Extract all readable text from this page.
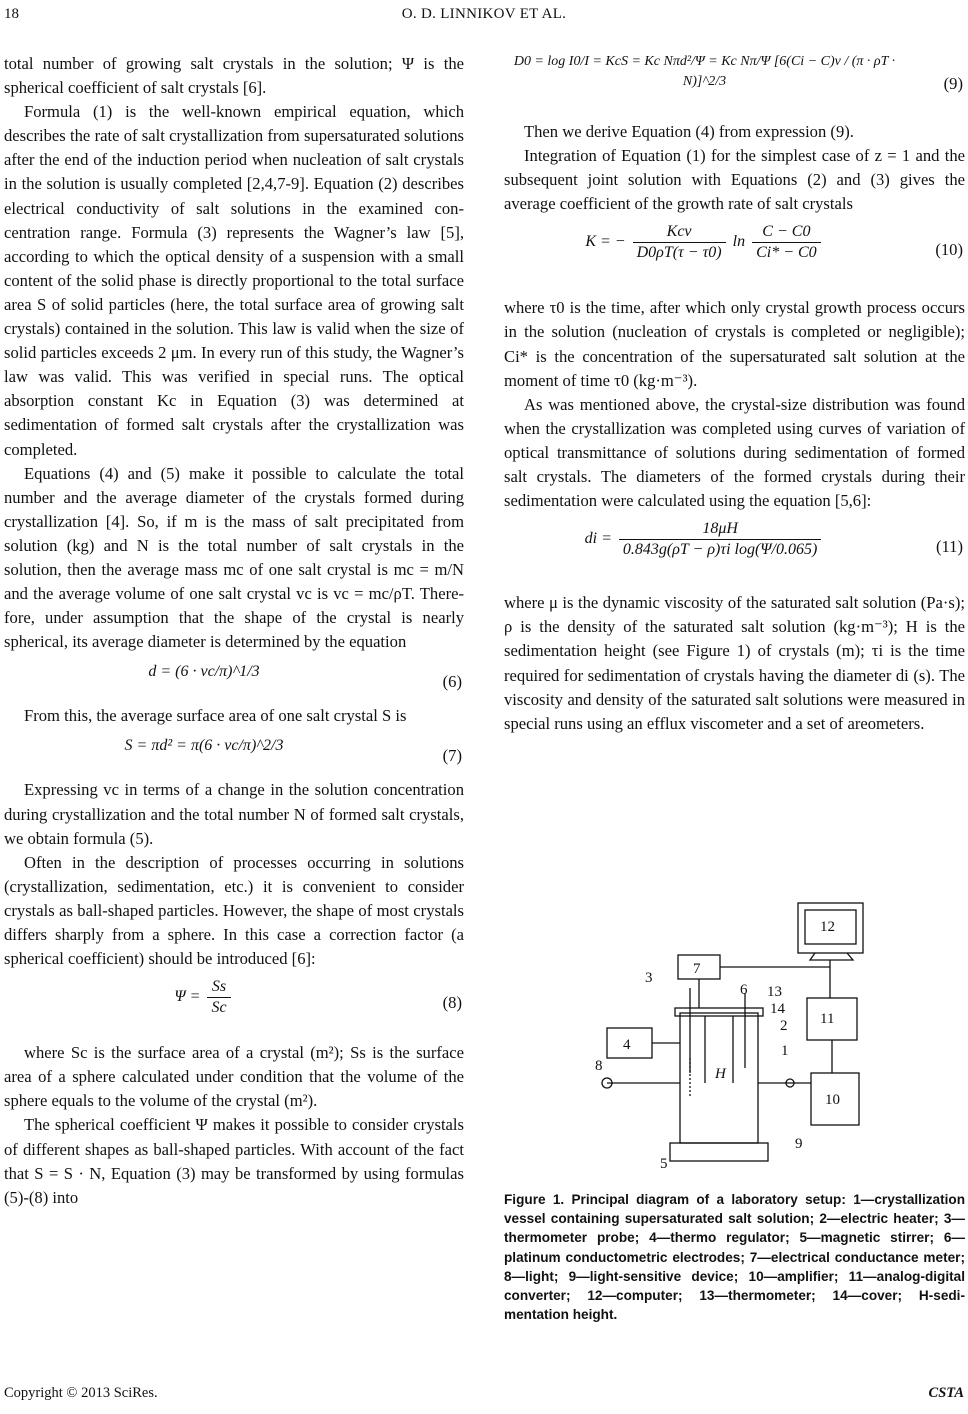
18	O. D. LINNIKOV ET AL.

total number of growing salt crystals in the solution; Ψ is the spherical coefficient of salt crystals [6].

Formula (1) is the well-known empirical equation, which describes the rate of salt crystallization from supersaturated solutions after the end of the induction period when nucleation of salt crystals in the solution is usually completed [2,4,7-9]. Equation (2) describes electrical conductivity of salt solutions in the examined concentration range. Formula (3) represents the Wagner’s law [5], according to which the optical density of a suspension with a small content of the solid phase is directly proportional to the total surface area S of solid particles (here, the total surface area of growing salt crystals) contained in the solution. This law is valid when the size of solid particles exceeds 2 μm. In every run of this study, the Wagner’s law was valid. This was verified in special runs. The optical absorption constant Kc in Equation (3) was determined at sedimentation of formed salt crystals after the crystallization was completed.

Equations (4) and (5) make it possible to calculate the total number and the average diameter of the crystals formed during crystallization [4]. So, if m is the mass of salt precipitated from solution (kg) and N is the total number of salt crystals in the solution, then the average mass mc of one salt crystal is mc = m/N and the average volume of one salt crystal vc is vc = mc/ρT. Therefore, under assumption that the shape of the crystal is nearly spherical, its average diameter is determined by the equation

d = (6 · vc/π)^1/3
(6)

From this, the average surface area of one salt crystal S is

S = πd² = π(6 · vc/π)^2/3
(7)

Expressing vc in terms of a change in the solution concentration during crystallization and the total number N of formed salt crystals, we obtain formula (5).

Often in the description of processes occurring in solutions (crystallization, sedimentation, etc.) it is convenient to consider crystals as ball-shaped particles. However, the shape of most crystals differs sharply from a sphere. In this case a correction factor (a spherical coefficient) should be introduced [6]:

$\Psi = \frac{Ss}{Sc}$	(8)

where Sc is the surface area of a crystal (m²); Ss is the surface area of a sphere calculated under condition that the volume of the sphere equals to the volume of the crystal (m²).

The spherical coefficient Ψ makes it possible to consider crystals of different shapes as ball-shaped particles. With account of the fact that S = S · N, Equation (3) may be transformed by using formulas (5)-(8) into

D0 = log I0/I = KcS = Kc Nπd²/Ψ = Kc Nπ/Ψ [6(Ci − C)v / (π · ρT · N)]^2/3	(9)

Then we derive Equation (4) from expression (9).

Integration of Equation (1) for the simplest case of z = 1 and the subsequent joint solution with Equations (2) and (3) gives the average coefficient of the growth rate of salt crystals

K = − $\frac{\text{Kcv}}{D0\rho T(\tau - \tau 0)}$ $\ln \frac{C - C0}{Ci* - C0}$	(10)

where τ0 is the time, after which only crystal growth process occurs in the solution (nucleation of crystals is completed or negligible); Ci* is the concentration of the supersaturated salt solution at the moment of time τ0 (kg·m⁻³).

As was mentioned above, the crystal-size distribution was found when the crystallization was completed using curves of variation of optical transmittance of solutions during sedimentation of formed salt crystals. The diameters of the formed crystals during their sedimentation were calculated using the equation [5,6]:

di = $\frac{18\mu H}{\text{0.843g(ρT − ρ)τi log(Ψ/0.065)}}$	(11)

where μ is the dynamic viscosity of the saturated salt solution (Pa·s); ρ is the density of the saturated salt solution (kg·m⁻³); H is the sedimentation height (see Figure 1) of crystals (m); τi is the time required for sedimentation of crystals having the diameter di (s). The viscosity and density of the saturated salt solutions were measured in special runs using an efflux viscometer and a set of areometers.

12
11
7
4
10
3
6 13
14
2
1
8
9
5
H
Figure 1. Principal diagram of a laboratory setup: 1—crystallization vessel containing supersaturated salt solution; 2—electric heater; 3—thermometer probe; 4—thermo regulator; 5—magnetic stirrer; 6—platinum conductometric electrodes; 7—electrical conductance meter; 8—light; 9—light-sensitive device; 10—amplifier; 11—analog-digital converter; 12—computer; 13—thermometer; 14—cover; H-sedimentation height.
Copyright © 2013 SciRes.	CSTA
